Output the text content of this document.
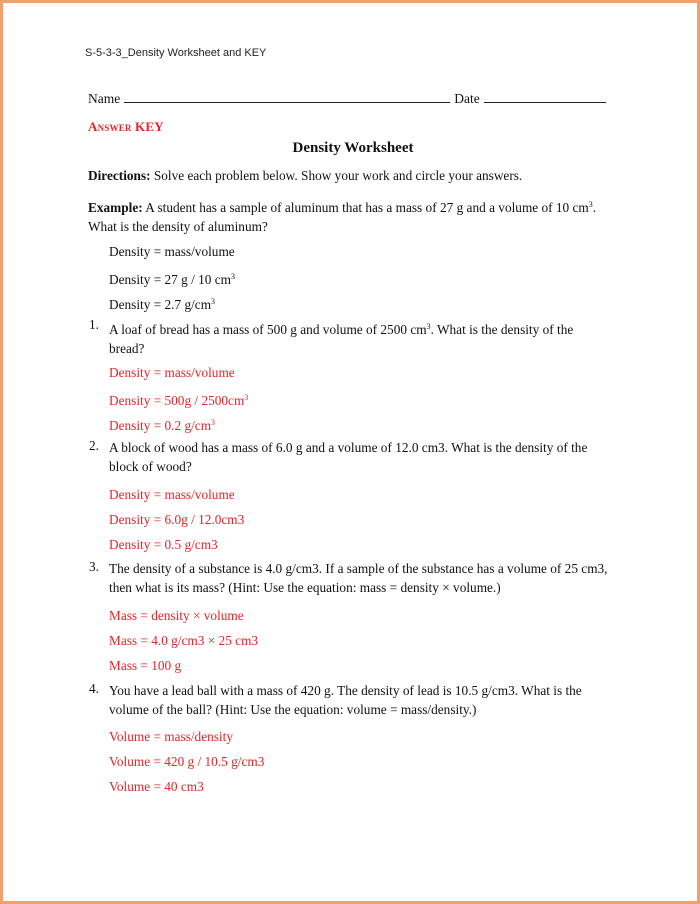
S-5-3-3_Density Worksheet and KEY
Name	Date
Answer KEY
Density Worksheet
Directions: Solve each problem below. Show your work and circle your answers.
Example: A student has a sample of aluminum that has a mass of 27 g and a volume of 10 $cm^3$.
What is the density of aluminum?
Density = mass/volume
Density = 27 g / 10 $cm^3$
Density = 2.7 $g/cm^3$
1. A loaf of bread has a mass of 500 g and volume of 2500 $cm^3$. What is the density of the
bread?
Density = mass/volume
Density = $500g / 2500cm^3$
Density = 0.2 $g/cm^3$
2. A block of wood has a mass of 6.0 g and a volume of 12.0 cm3. What is the density of the
block of wood?
Density = mass/volume
Density = 6.0g / 12.0cm3
Density = 0.5 g/cm3
3. The density of a substance is 4.0 g/cm3. If a sample of the substance has a volume of 25 cm3,
then what is its mass? (Hint: Use the equation: mass = density × volume.)
Mass = density × volume
Mass = 4.0 g/cm3 × 25 cm3
Mass = 100 g
4. You have a lead ball with a mass of 420 g. The density of lead is 10.5 g/cm3. What is the
volume of the ball? (Hint: Use the equation: volume = mass/density.)
Volume = mass/density
Volume = 420 g / 10.5 g/cm3
Volume = 40 cm3
